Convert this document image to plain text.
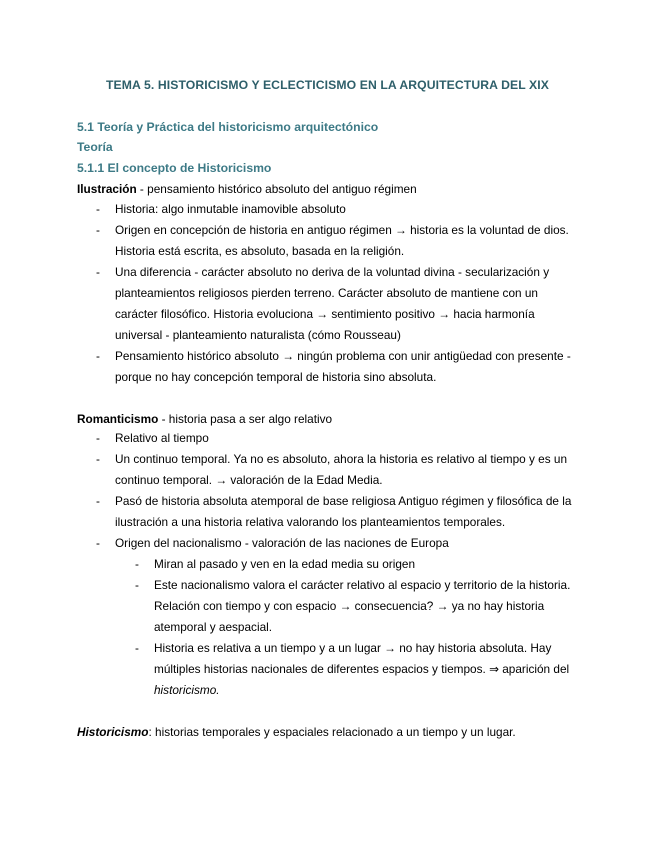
TEMA 5. HISTORICISMO Y ECLECTICISMO EN LA ARQUITECTURA DEL XIX
5.1 Teoría y Práctica del historicismo arquitectónico
Teoría
5.1.1 El concepto de Historicismo
Ilustración - pensamiento histórico absoluto del antiguo régimen
- Historia: algo inmutable inamovible absoluto
- Origen en concepción de historia en antiguo régimen → historia es la voluntad de dios. Historia está escrita, es absoluto, basada en la religión.
- Una diferencia - carácter absoluto no deriva de la voluntad divina - secularización y planteamientos religiosos pierden terreno. Carácter absoluto de mantiene con un carácter filosófico. Historia evoluciona → sentimiento positivo → hacia harmonía universal - planteamiento naturalista (cómo Rousseau)
- Pensamiento histórico absoluto → ningún problema con unir antigüedad con presente - porque no hay concepción temporal de historia sino absoluta.
Romanticismo - historia pasa a ser algo relativo
- Relativo al tiempo
- Un continuo temporal. Ya no es absoluto, ahora la historia es relativo al tiempo y es un continuo temporal. → valoración de la Edad Media.
- Pasó de historia absoluta atemporal de base religiosa Antiguo régimen y filosófica de la ilustración a una historia relativa valorando los planteamientos temporales.
- Origen del nacionalismo - valoración de las naciones de Europa
- Miran al pasado y ven en la edad media su origen
- Este nacionalismo valora el carácter relativo al espacio y territorio de la historia. Relación con tiempo y con espacio → consecuencia? → ya no hay historia atemporal y aespacial.
- Historia es relativa a un tiempo y a un lugar → no hay historia absoluta. Hay múltiples historias nacionales de diferentes espacios y tiempos. ⇒ aparición del historicismo.
Historicismo: historias temporales y espaciales relacionado a un tiempo y un lugar.
